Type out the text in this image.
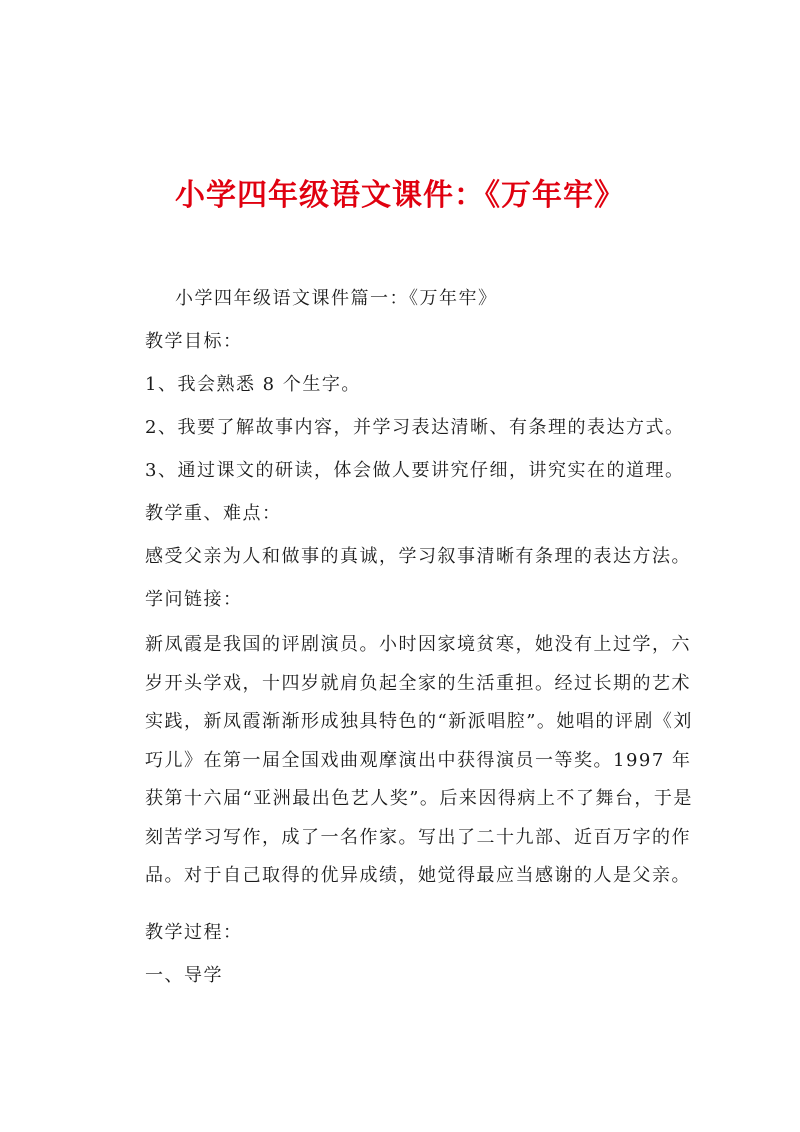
小学四年级语文课件：《万年牢》
小学四年级语文课件篇一：《万年牢》
教学目标：
1、我会熟悉 8 个生字。
2、我要了解故事内容，并学习表达清晰、有条理的表达方式。
3、通过课文的研读，体会做人要讲究仔细，讲究实在的道理。
教学重、难点：
感受父亲为人和做事的真诚，学习叙事清晰有条理的表达方法。
学问链接：
新凤霞是我国的评剧演员。小时因家境贫寒，她没有上过学，六岁开头学戏，十四岁就肩负起全家的生活重担。经过长期的艺术实践，新凤霞渐渐形成独具特色的“新派唱腔”。她唱的评剧《刘巧儿》在第一届全国戏曲观摩演出中获得演员一等奖。1997 年获第十六届“亚洲最出色艺人奖”。后来因得病上不了舞台，于是刻苦学习写作，成了一名作家。写出了二十九部、近百万字的作品。对于自己取得的优异成绩，她觉得最应当感谢的人是父亲。
教学过程：
一、导学
